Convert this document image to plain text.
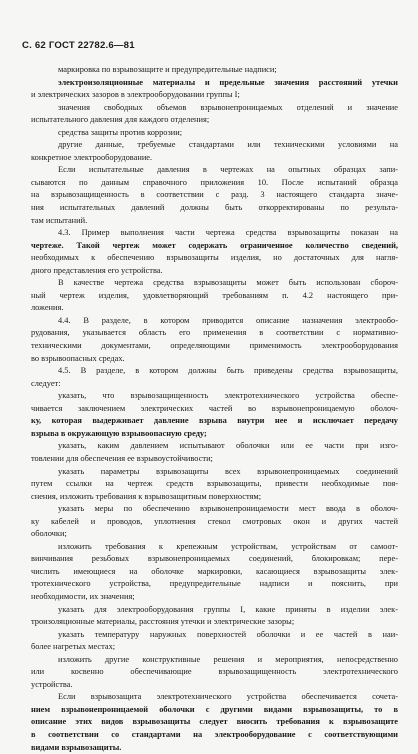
С. 62 ГОСТ 22782.6—81
маркировка по взрывозащите и предупредительные надписи;
электроизоляционные материалы и предельные значения расстояний утечки
и электрических зазоров в электрооборудовании группы I;
значения свободных объемов взрывонепроницаемых отделений и значение
испытательного давления для каждого отделения;
средства защиты против коррозии;
другие данные, требуемые стандартами или техническими условиями на
конкретное электрооборудование.
Если испытательные давления в чертежах на опытных образцах запи-
сываются по данным справочного приложения 10. После испытаний образца
на взрывозащищенность в соответствии с разд. 3 настоящего стандарта значе-
ния испытательных давлений должны быть откорректированы по результа-
там испытаний.
4.3. Пример выполнения части чертежа средства взрывозащиты показан на
чертеже. Такой чертеж может содержать ограниченное количество сведений,
необходимых к обеспечению взрывозащиты изделия, но достаточных для нагля-
дного представления его устройства.
В качестве чертежа средства взрывозащиты может быть использован сбороч-
ный чертеж изделия, удовлетворяющий требованиям п. 4.2 настоящего при-
ложения.
4.4. В разделе, в котором приводится описание назначения электрообо-
рудования, указывается область его применения в соответствии с нормативно-
техническими документами, определяющими применимость электрооборудования
во взрывоопасных средах.
4.5. В разделе, в котором должны быть приведены средства взрывозащиты,
следует:
указать, что взрывозащищенность электротехнического устройства обеспе-
чивается заключением электрических частей во взрывонепроницаемую оболоч-
ку, которая выдерживает давление взрыва внутри нее и исключает передачу
взрыва в окружающую взрывоопасную среду;
указать, каким давлением испытывают оболочки или ее части при изго-
товлении для обеспечения ее взрывоустойчивости;
указать параметры взрывозащиты всех взрывонепроницаемых соединений
путем ссылки на чертеж средств взрывозащиты, привести необходимые поя-
снения, изложить требования к взрывозащитным поверхностям;
указать меры по обеспечению взрывонепроницаемости мест ввода в оболоч-
ку кабелей и проводов, уплотнения стекол смотровых окон и других частей
оболочки;
изложить требования к крепежным устройствам, устройствам от самоот-
винчивания резьбовых взрывонепроницаемых соединений, блокировкам; пере-
числить имеющиеся на оболочке маркировки, касающиеся взрывозащиты элек-
тротехнического устройства, предупредительные надписи и пояснить, при
необходимости, их значения;
указать для электрооборудования группы I, какие приняты в изделии элек-
троизоляционные материалы, расстояния утечки и электрические зазоры;
указать температуру наружных поверхностей оболочки и ее частей в наи-
более нагретых местах;
изложить другие конструктивные решения и мероприятия, непосредственно
или косвенно обеспечивающие взрывозащищенность электротехнического
устройства.
Если взрывозащита электротехнического устройства обеспечивается сочета-
нием взрывонепроницаемой оболочки с другими видами взрывозащиты, то в
описание этих видов взрывозащиты следует вносить требования к взрывозащите
в соответствии со стандартами на электрооборудование с соответствующими
видами взрывозащиты.
